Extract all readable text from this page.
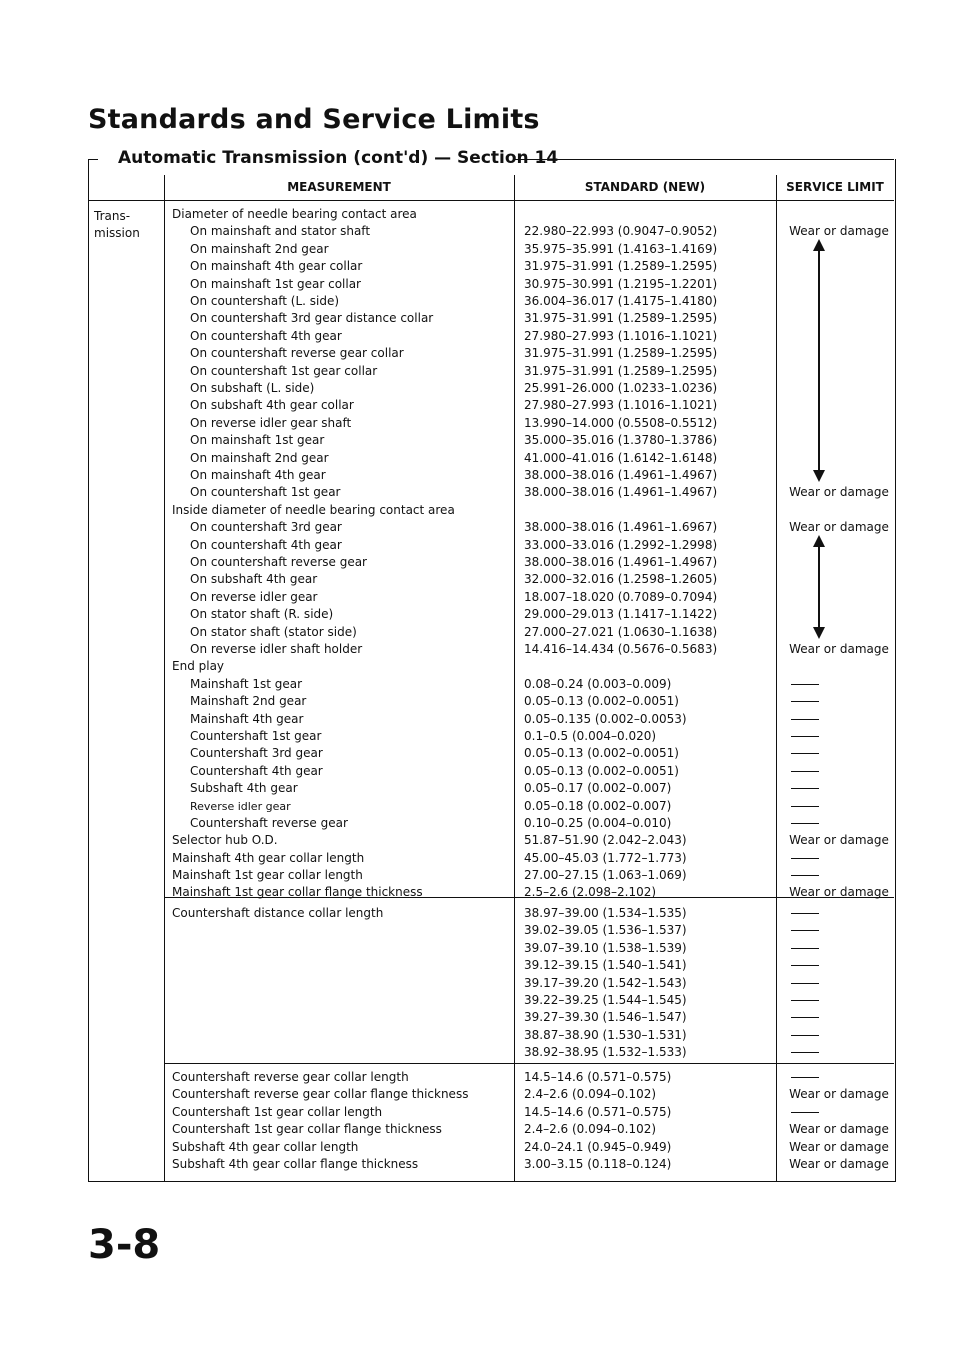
Standards and Service Limits
Automatic Transmission (cont'd) — Section 14
MEASUREMENT	STANDARD (NEW)	SERVICE LIMIT
Trans-
mission
Diameter of needle bearing contact area
On mainshaft and stator shaft
On mainshaft 2nd gear
On mainshaft 4th gear collar
On mainshaft 1st gear collar
On countershaft (L. side)
On countershaft 3rd gear distance collar
On countershaft 4th gear
On countershaft reverse gear collar
On countershaft 1st gear collar
On subshaft (L. side)
On subshaft 4th gear collar
On reverse idler gear shaft
On mainshaft 1st gear
On mainshaft 2nd gear
On mainshaft 4th gear
On countershaft 1st gear
Inside diameter of needle bearing contact area
On countershaft 3rd gear
On countershaft 4th gear
On countershaft reverse gear
On subshaft 4th gear
On reverse idler gear
On stator shaft (R. side)
On stator shaft (stator side)
On reverse idler shaft holder
End play
Mainshaft 1st gear
Mainshaft 2nd gear
Mainshaft 4th gear
Countershaft 1st gear
Countershaft 3rd gear
Countershaft 4th gear
Subshaft 4th gear
Reverse idler gear
Countershaft reverse gear
Selector hub O.D.
Mainshaft 4th gear collar length
Mainshaft 1st gear collar length
Mainshaft 1st gear collar flange thickness
Countershaft distance collar length
Countershaft reverse gear collar length
Countershaft reverse gear collar flange thickness
Countershaft 1st gear collar length
Countershaft 1st gear collar flange thickness
Subshaft 4th gear collar length
Subshaft 4th gear collar flange thickness
22.980–22.993 (0.9047–0.9052)
35.975–35.991 (1.4163–1.4169)
31.975–31.991 (1.2589–1.2595)
30.975–30.991 (1.2195–1.2201)
36.004–36.017 (1.4175–1.4180)
31.975–31.991 (1.2589–1.2595)
27.980–27.993 (1.1016–1.1021)
31.975–31.991 (1.2589–1.2595)
31.975–31.991 (1.2589–1.2595)
25.991–26.000 (1.0233–1.0236)
27.980–27.993 (1.1016–1.1021)
13.990–14.000 (0.5508–0.5512)
35.000–35.016 (1.3780–1.3786)
41.000–41.016 (1.6142–1.6148)
38.000–38.016 (1.4961–1.4967)
38.000–38.016 (1.4961–1.4967)
38.000–38.016 (1.4961–1.6967)
33.000–33.016 (1.2992–1.2998)
38.000–38.016 (1.4961–1.4967)
32.000–32.016 (1.2598–1.2605)
18.007–18.020 (0.7089–0.7094)
29.000–29.013 (1.1417–1.1422)
27.000–27.021 (1.0630–1.1638)
14.416–14.434 (0.5676–0.5683)
0.08–0.24 (0.003–0.009)
0.05–0.13 (0.002–0.0051)
0.05–0.135 (0.002–0.0053)
0.1–0.5 (0.004–0.020)
0.05–0.13 (0.002–0.0051)
0.05–0.13 (0.002–0.0051)
0.05–0.17 (0.002–0.007)
0.05–0.18 (0.002–0.007)
0.10–0.25 (0.004–0.010)
51.87–51.90 (2.042–2.043)
45.00–45.03 (1.772–1.773)
27.00–27.15 (1.063–1.069)
2.5–2.6 (2.098–2.102)
38.97–39.00 (1.534–1.535)
39.02–39.05 (1.536–1.537)
39.07–39.10 (1.538–1.539)
39.12–39.15 (1.540–1.541)
39.17–39.20 (1.542–1.543)
39.22–39.25 (1.544–1.545)
39.27–39.30 (1.546–1.547)
38.87–38.90 (1.530–1.531)
38.92–38.95 (1.532–1.533)
14.5–14.6 (0.571–0.575)
2.4–2.6 (0.094–0.102)
14.5–14.6 (0.571–0.575)
2.4–2.6 (0.094–0.102)
24.0–24.1 (0.945–0.949)
3.00–3.15 (0.118–0.124)
Wear or damage
Wear or damage
Wear or damage
Wear or damage
Wear or damage
Wear or damage
Wear or damage
Wear or damage
Wear or damage
Wear or damage
3-8
